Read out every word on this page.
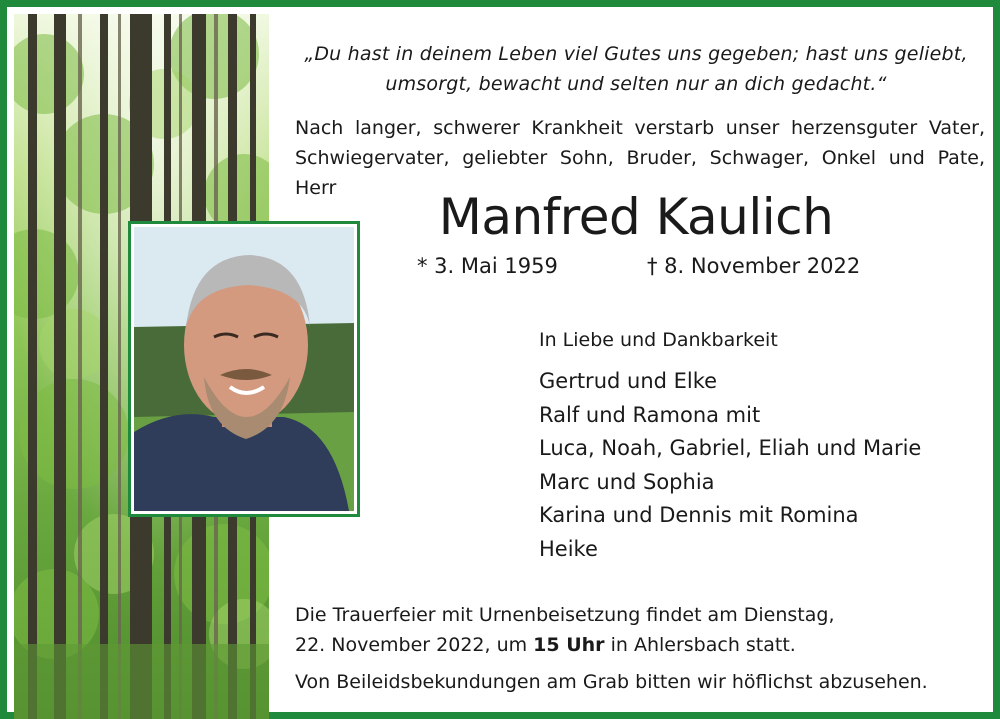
„Du hast in deinem Leben viel Gutes uns gegeben; hast uns geliebt,
umsorgt, bewacht und selten nur an dich gedacht.“
Nach langer, schwerer Krankheit verstarb unser herzensguter Vater,
Schwiegervater, geliebter Sohn, Bruder, Schwager, Onkel und Pate, Herr	Manfred Kaulich
* 3. Mai 1959	† 8. November 2022
In Liebe und Dankbarkeit
Gertrud und Elke
Ralf und Ramona mit
Luca, Noah, Gabriel, Eliah und Marie
Marc und Sophia
Karina und Dennis mit Romina
Heike
Die Trauerfeier mit Urnenbeisetzung findet am Dienstag,
22. November 2022, um 15 Uhr in Ahlersbach statt.
Von Beileidsbekundungen am Grab bitten wir höflichst abzusehen.
